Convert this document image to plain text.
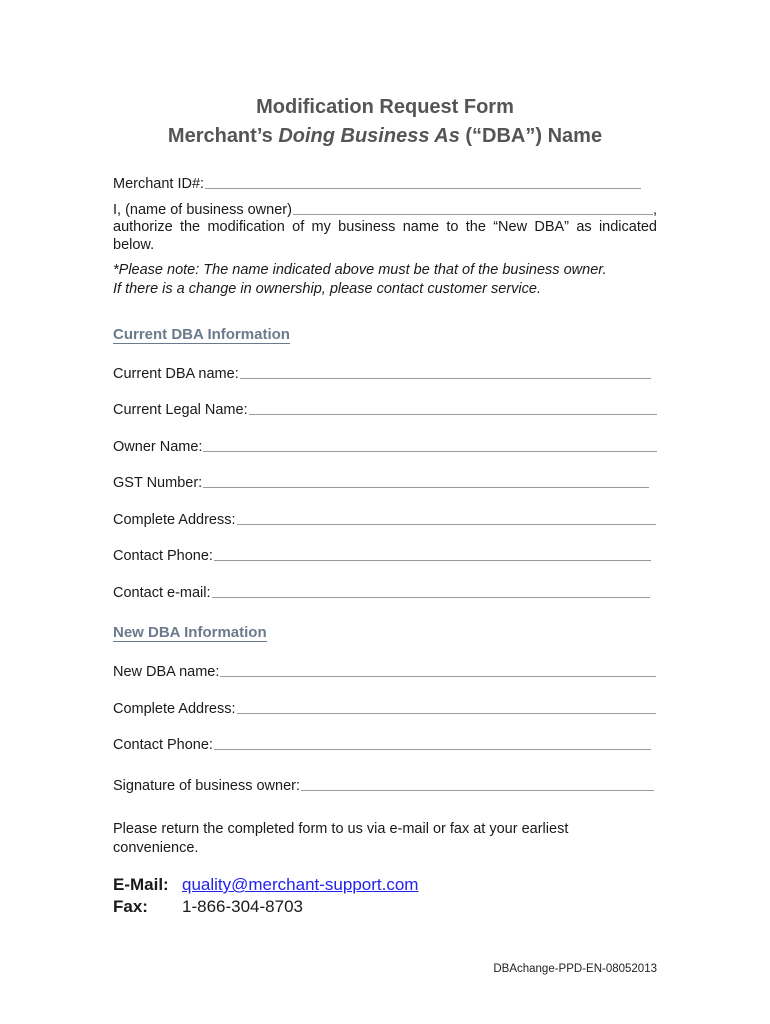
Modification Request Form
Merchant’s Doing Business As (“DBA”) Name
Merchant ID#:
I, (name of business owner)	,
authorize the modification of my business name to the “New DBA” as indicated below.
*Please note: The name indicated above must be that of the business owner.
If there is a change in ownership, please contact customer service.
Current DBA Information
Current DBA name:
Current Legal Name:
Owner Name:
GST Number:
Complete Address:
Contact Phone:
Contact e-mail:
New DBA Information
New DBA name:
Complete Address:
Contact Phone:
Signature of business owner:
Please return the completed form to us via e-mail or fax at your earliest
convenience.
E-Mail: quality@merchant-support.com
Fax: 1-866-304-8703
DBAchange-PPD-EN-08052013
